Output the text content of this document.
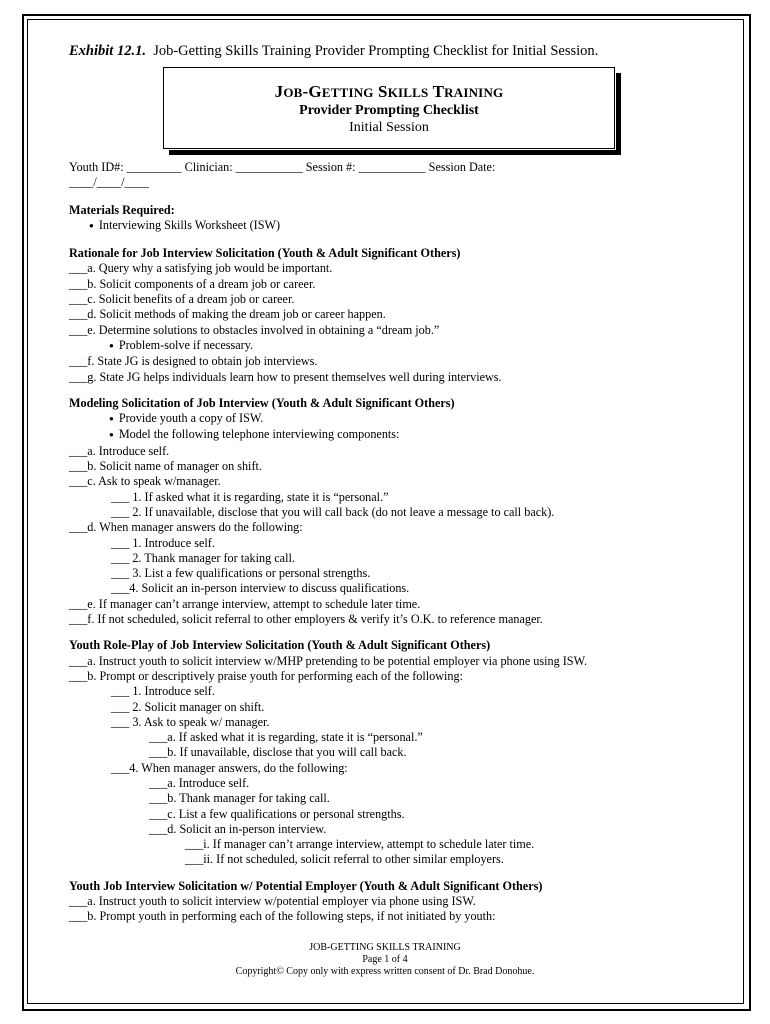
Exhibit 12.1. Job-Getting Skills Training Provider Prompting Checklist for Initial Session.
JOB-GETTING SKILLS TRAINING
Provider Prompting Checklist
Initial Session
Youth ID#: _________ Clinician: ___________ Session #: ___________ Session Date:
____/____/____
Materials Required:
● Interviewing Skills Worksheet (ISW)
Rationale for Job Interview Solicitation (Youth & Adult Significant Others)
___a. Query why a satisfying job would be important.
___b. Solicit components of a dream job or career.
___c. Solicit benefits of a dream job or career.
___d. Solicit methods of making the dream job or career happen.
___e. Determine solutions to obstacles involved in obtaining a “dream job.”
● Problem-solve if necessary.
___f. State JG is designed to obtain job interviews.
___g. State JG helps individuals learn how to present themselves well during interviews.
Modeling Solicitation of Job Interview (Youth & Adult Significant Others)
● Provide youth a copy of ISW.
● Model the following telephone interviewing components:
___a. Introduce self.
___b. Solicit name of manager on shift.
___c. Ask to speak w/manager.
___ 1. If asked what it is regarding, state it is “personal.”
___ 2. If unavailable, disclose that you will call back (do not leave a message to call back).
___d. When manager answers do the following:
___ 1. Introduce self.
___ 2. Thank manager for taking call.
___ 3. List a few qualifications or personal strengths.
___4. Solicit an in-person interview to discuss qualifications.
___e. If manager can’t arrange interview, attempt to schedule later time.
___f. If not scheduled, solicit referral to other employers & verify it’s O.K. to reference manager.
Youth Role-Play of Job Interview Solicitation (Youth & Adult Significant Others)
___a. Instruct youth to solicit interview w/MHP pretending to be potential employer via phone using ISW.
___b. Prompt or descriptively praise youth for performing each of the following:
___ 1. Introduce self.
___ 2. Solicit manager on shift.
___ 3. Ask to speak w/ manager.
___a. If asked what it is regarding, state it is “personal.”
___b. If unavailable, disclose that you will call back.
___4. When manager answers, do the following:
___a. Introduce self.
___b. Thank manager for taking call.
___c. List a few qualifications or personal strengths.
___d. Solicit an in-person interview.
___i. If manager can’t arrange interview, attempt to schedule later time.
___ii. If not scheduled, solicit referral to other similar employers.
Youth Job Interview Solicitation w/ Potential Employer (Youth & Adult Significant Others)
___a. Instruct youth to solicit interview w/potential employer via phone using ISW.
___b. Prompt youth in performing each of the following steps, if not initiated by youth:
JOB-GETTING SKILLS TRAINING
Page 1 of 4
Copyright© Copy only with express written consent of Dr. Brad Donohue.
